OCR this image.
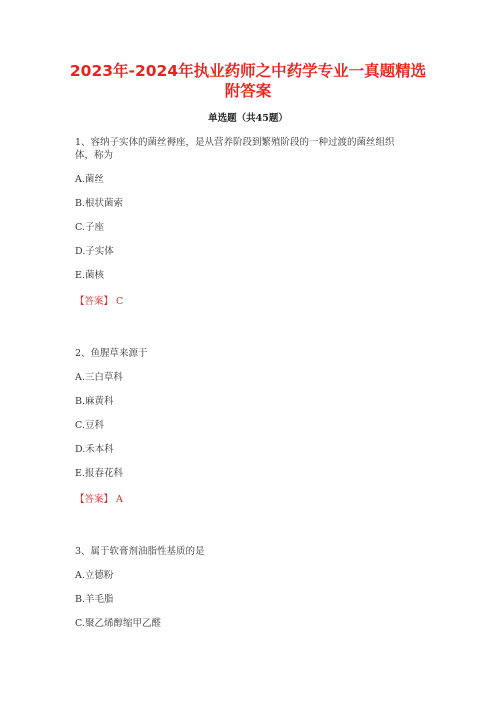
2023年-2024年执业药师之中药学专业一真题精选
附答案
单选题（共45题）
1、容纳子实体的菌丝褥座，是从营养阶段到繁殖阶段的一种过渡的菌丝组织
体，称为
A.菌丝
B.根状菌索
C.子座
D.子实体
E.菌核
【答案】 C
2、鱼腥草来源于
A.三白草科
B.麻黄科
C.豆科
D.禾本科
E.报春花科
【答案】 A
3、属于软膏剂油脂性基质的是
A.立德粉
B.羊毛脂
C.聚乙烯醇缩甲乙醛
